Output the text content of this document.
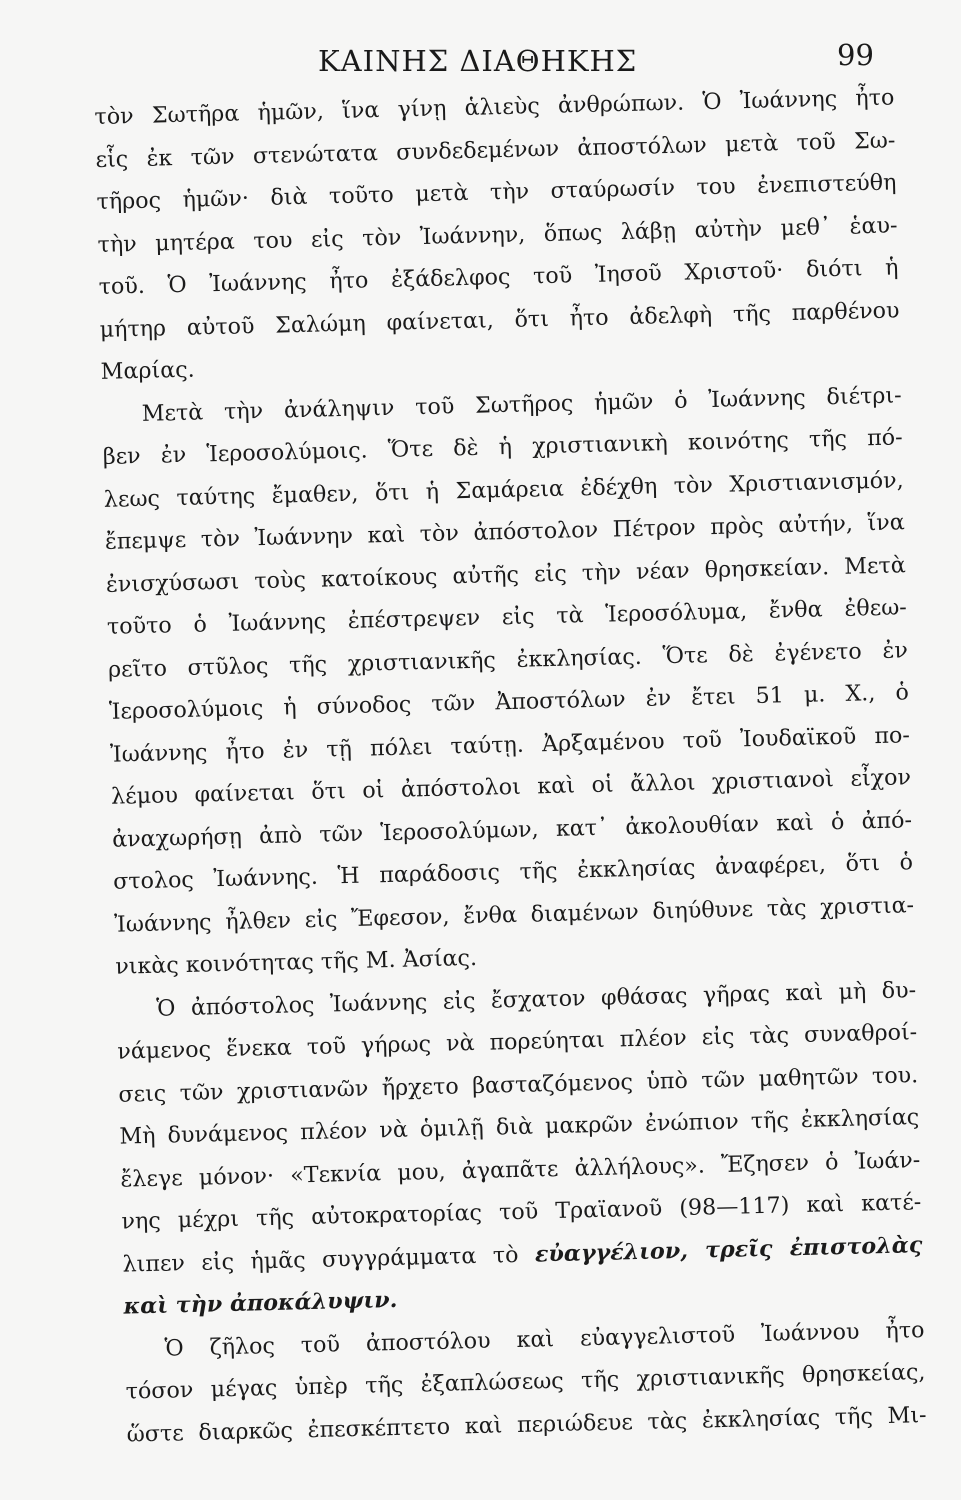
ΚΑΙΝΗΣ ΔΙΑΘΗΚΗΣ	99
τὸν Σωτῆρα ἡμῶν, ἵνα γίνῃ ἁλιεὺς ἀνθρώπων. Ὁ Ἰωάννης ἦτο
εἷς ἐκ τῶν στενώτατα συνδεδεμένων ἀποστόλων μετὰ τοῦ Σω-
τῆρος ἡμῶν· διὰ τοῦτο μετὰ τὴν σταύρωσίν του ἐνεπιστεύθη
τὴν μητέρα του εἰς τὸν Ἰωάννην, ὅπως λάβῃ αὐτὴν μεθ᾿ ἑαυ-
τοῦ. Ὁ Ἰωάννης ἦτο ἐξάδελφος τοῦ Ἰησοῦ Χριστοῦ· διότι ἡ
μήτηρ αὐτοῦ Σαλώμη φαίνεται, ὅτι ἦτο ἀδελφὴ τῆς παρθένου
Μαρίας.
Μετὰ τὴν ἀνάληψιν τοῦ Σωτῆρος ἡμῶν ὁ Ἰωάννης διέτρι-
βεν ἐν Ἱεροσολύμοις. Ὅτε δὲ ἡ χριστιανικὴ κοινότης τῆς πό-
λεως ταύτης ἔμαθεν, ὅτι ἡ Σαμάρεια ἐδέχθη τὸν Χριστιανισμόν,
ἔπεμψε τὸν Ἰωάννην καὶ τὸν ἀπόστολον Πέτρον πρὸς αὐτήν, ἵνα
ἐνισχύσωσι τοὺς κατοίκους αὐτῆς εἰς τὴν νέαν θρησκείαν. Μετὰ
τοῦτο ὁ Ἰωάννης ἐπέστρεψεν εἰς τὰ Ἱεροσόλυμα, ἔνθα ἐθεω-
ρεῖτο στῦλος τῆς χριστιανικῆς ἐκκλησίας. Ὅτε δὲ ἐγένετο ἐν
Ἱεροσολύμοις ἡ σύνοδος τῶν Ἀποστόλων ἐν ἔτει 51 μ. Χ., ὁ
Ἰωάννης ἦτο ἐν τῇ πόλει ταύτῃ. Ἀρξαμένου τοῦ Ἰουδαϊκοῦ πο-
λέμου φαίνεται ὅτι οἱ ἀπόστολοι καὶ οἱ ἄλλοι χριστιανοὶ εἶχον
ἀναχωρήσῃ ἀπὸ τῶν Ἱεροσολύμων, κατ᾿ ἀκολουθίαν καὶ ὁ ἀπό-
στολος Ἰωάννης. Ἡ παράδοσις τῆς ἐκκλησίας ἀναφέρει, ὅτι ὁ
Ἰωάννης ἦλθεν εἰς Ἔφεσον, ἔνθα διαμένων διηύθυνε τὰς χριστια-
νικὰς κοινότητας τῆς Μ. Ἀσίας.
Ὁ ἀπόστολος Ἰωάννης εἰς ἔσχατον φθάσας γῆρας καὶ μὴ δυ-
νάμενος ἕνεκα τοῦ γήρως νὰ πορεύηται πλέον εἰς τὰς συναθροί-
σεις τῶν χριστιανῶν ἤρχετο βασταζόμενος ὑπὸ τῶν μαθητῶν του.
Μὴ δυνάμενος πλέον νὰ ὁμιλῇ διὰ μακρῶν ἐνώπιον τῆς ἐκκλησίας
ἔλεγε μόνον· «Τεκνία μου, ἀγαπᾶτε ἀλλήλους». Ἔζησεν ὁ Ἰωάν-
νης μέχρι τῆς αὐτοκρατορίας τοῦ Τραϊανοῦ (98—117) καὶ κατέ-
λιπεν εἰς ἡμᾶς συγγράμματα τὸ εὐαγγέλιον, τρεῖς ἐπιστολὰς
καὶ τὴν ἀποκάλυψιν.
Ὁ ζῆλος τοῦ ἀποστόλου καὶ εὐαγγελιστοῦ Ἰωάννου ἦτο
τόσον μέγας ὑπὲρ τῆς ἐξαπλώσεως τῆς χριστιανικῆς θρησκείας,
ὥστε διαρκῶς ἐπεσκέπτετο καὶ περιώδευε τὰς ἐκκλησίας τῆς Μι-
